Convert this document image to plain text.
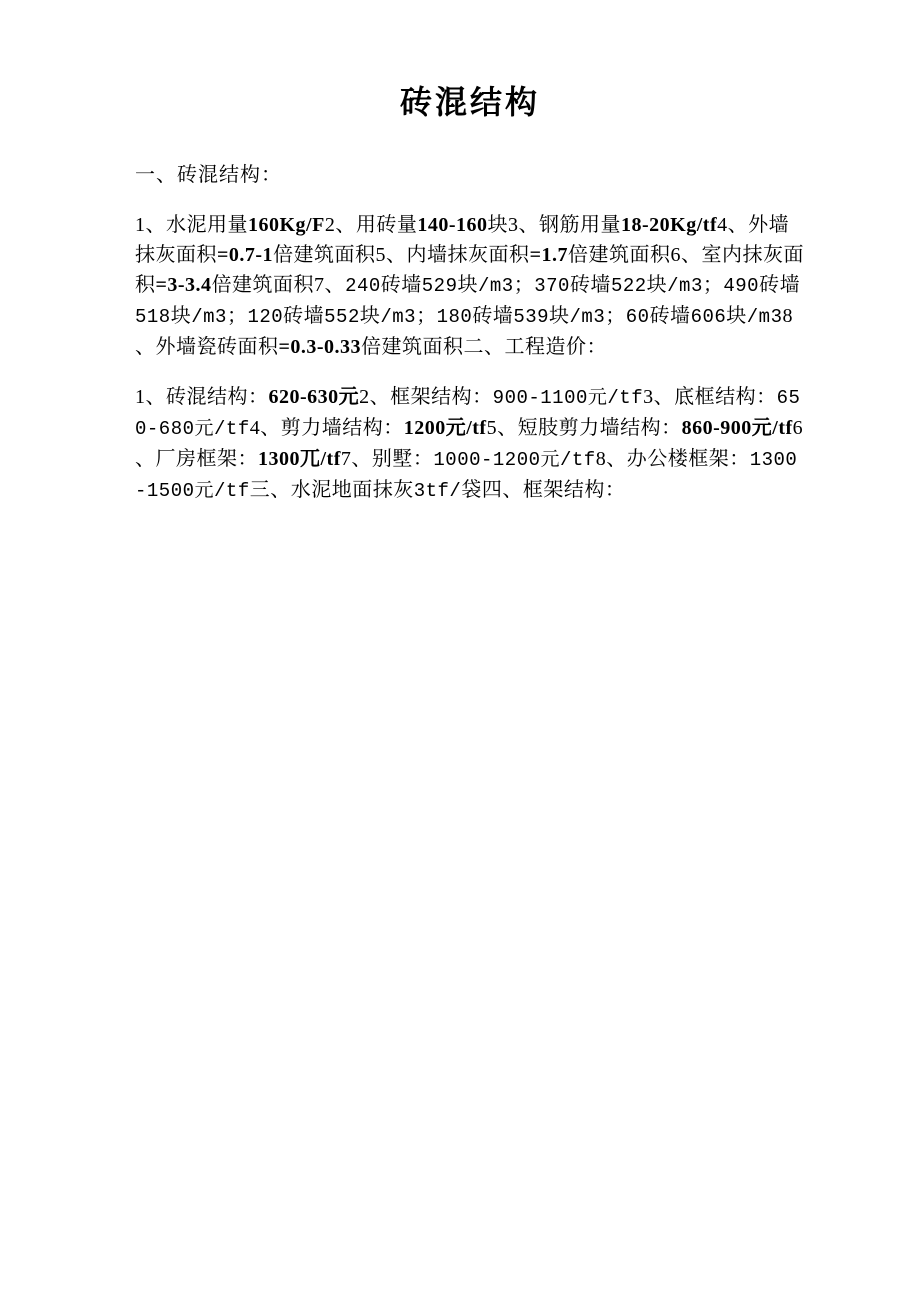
砖混结构

一、砖混结构：

1、水泥用量160Kg/F2、用砖量140-160块3、钢筋用量18-20Kg/tf4、外墙抹灰面积=0.7-1倍建筑面积5、内墙抹灰面积=1.7倍建筑面积6、室内抹灰面积=3-3.4倍建筑面积7、240砖墙529块/m3；370砖墙522块/m3；490砖墙518块/m3；120砖墙552块/m3；180砖墙539块/m3；60砖墙606块/m38、外墙瓷砖面积=0.3-0.33倍建筑面积二、工程造价：

1、砖混结构：620-630元2、框架结构：900-1100元/tf3、底框结构：650-680元/tf4、剪力墙结构：1200元/tf5、短肢剪力墙结构：860-900元/tf6、厂房框架：1300兀/tf7、别墅：1000-1200元/tf8、办公楼框架：1300-1500元/tf三、水泥地面抹灰3tf/袋四、框架结构：
